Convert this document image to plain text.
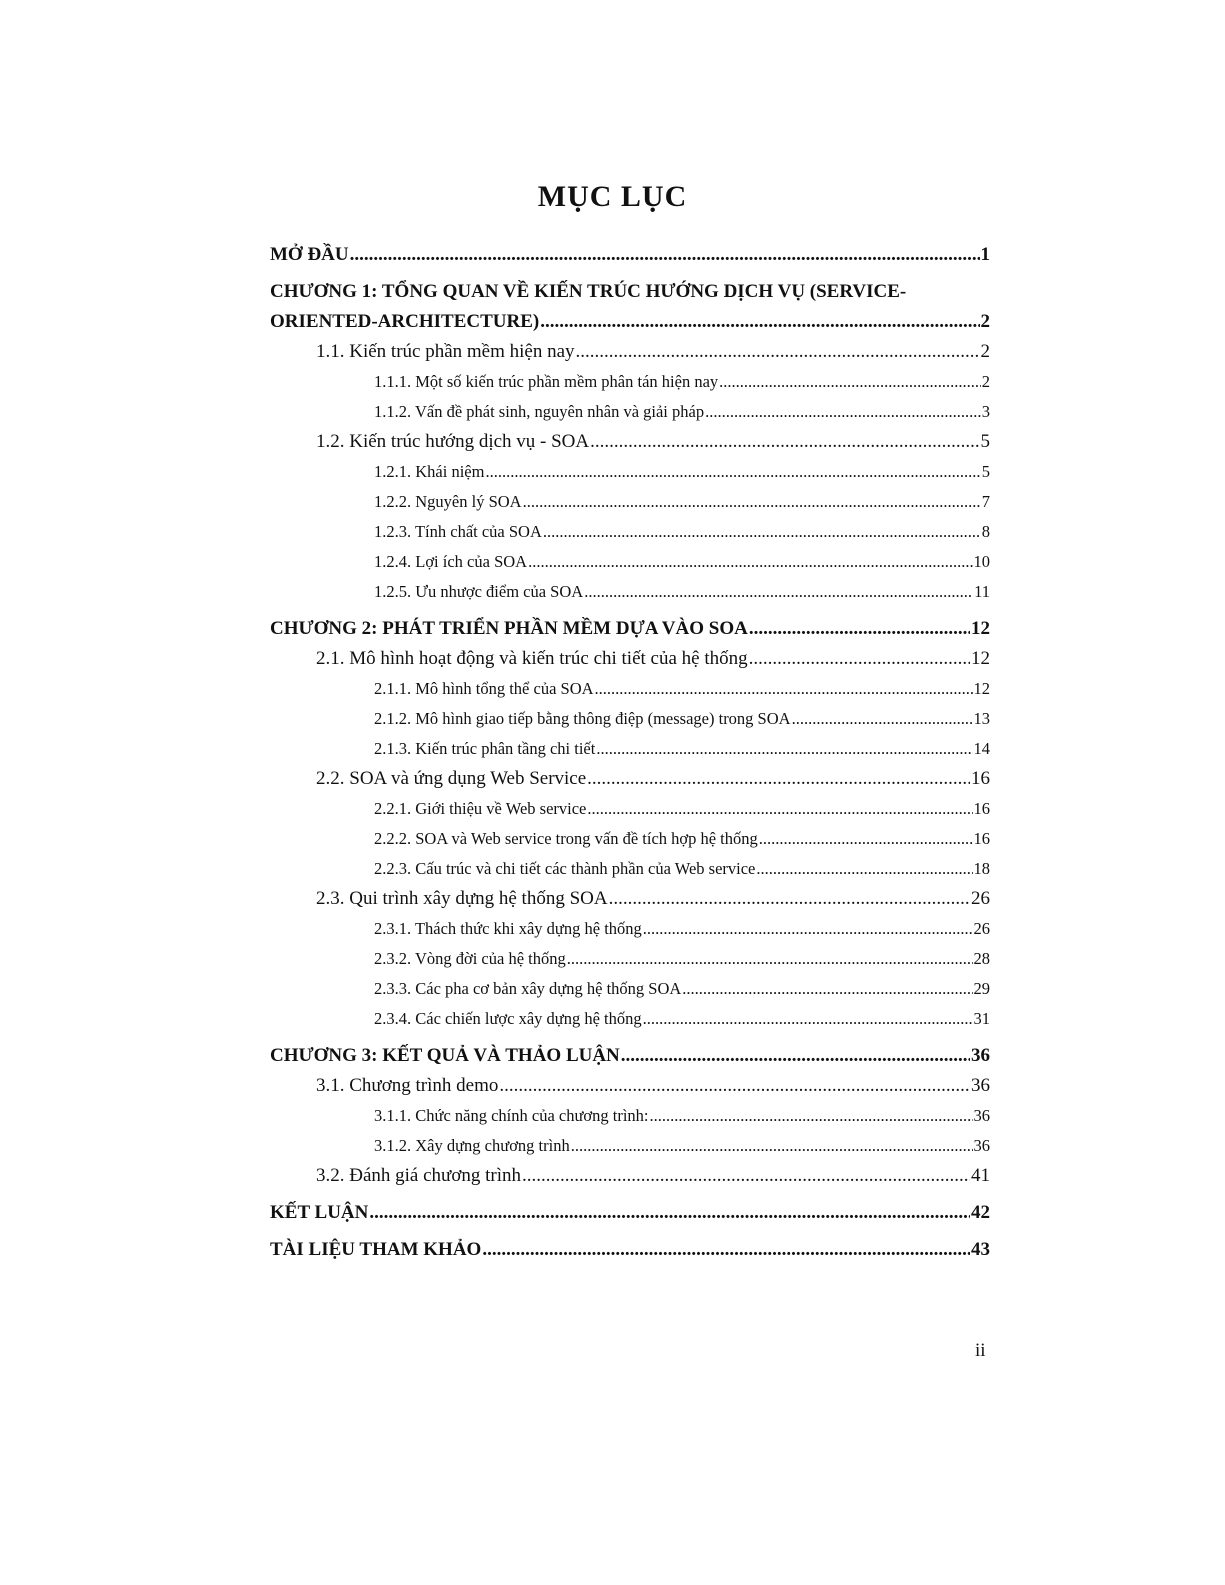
MỤC LỤC
MỞ ĐẦU .....	1
CHƯƠNG 1: TỔNG QUAN VỀ KIẾN TRÚC HƯỚNG DỊCH VỤ (SERVICE-
ORIENTED-ARCHITECTURE) .....	2
1.1. Kiến trúc phần mềm hiện nay .....	2
1.1.1. Một số kiến trúc phần mềm phân tán hiện nay .....	2
1.1.2. Vấn đề phát sinh, nguyên nhân và giải pháp .....	3
1.2. Kiến trúc hướng dịch vụ - SOA .....	5
1.2.1. Khái niệm .....	5
1.2.2. Nguyên lý SOA .....	7
1.2.3. Tính chất của SOA .....	8
1.2.4. Lợi ích của SOA .....	10
1.2.5. Ưu nhược điểm của SOA .....	11
CHƯƠNG 2: PHÁT TRIỂN PHẦN MỀM DỰA VÀO SOA .....	12
2.1. Mô hình hoạt động và kiến trúc chi tiết của hệ thống .....	12
2.1.1. Mô hình tổng thể của SOA .....	12
2.1.2. Mô hình giao tiếp bằng thông điệp (message) trong SOA .....	13
2.1.3. Kiến trúc phân tầng chi tiết .....	14
2.2. SOA và ứng dụng Web Service .....	16
2.2.1. Giới thiệu về Web service .....	16
2.2.2. SOA và Web service trong vấn đề tích hợp hệ thống .....	16
2.2.3. Cấu trúc và chi tiết các thành phần của Web service .....	18
2.3. Qui trình xây dựng hệ thống SOA .....	26
2.3.1. Thách thức khi xây dựng hệ thống .....	26
2.3.2. Vòng đời của hệ thống .....	28
2.3.3. Các pha cơ bản xây dựng hệ thống SOA .....	29
2.3.4. Các chiến lược xây dựng hệ thống .....	31
CHƯƠNG 3: KẾT QUẢ VÀ THẢO LUẬN .....	36
3.1. Chương trình demo .....	36
3.1.1. Chức năng chính của chương trình: .....	36
3.1.2. Xây dựng chương trình .....	36
3.2. Đánh giá chương trình .....	41
KẾT LUẬN .....	42
TÀI LIỆU THAM KHẢO .....	43
ii
